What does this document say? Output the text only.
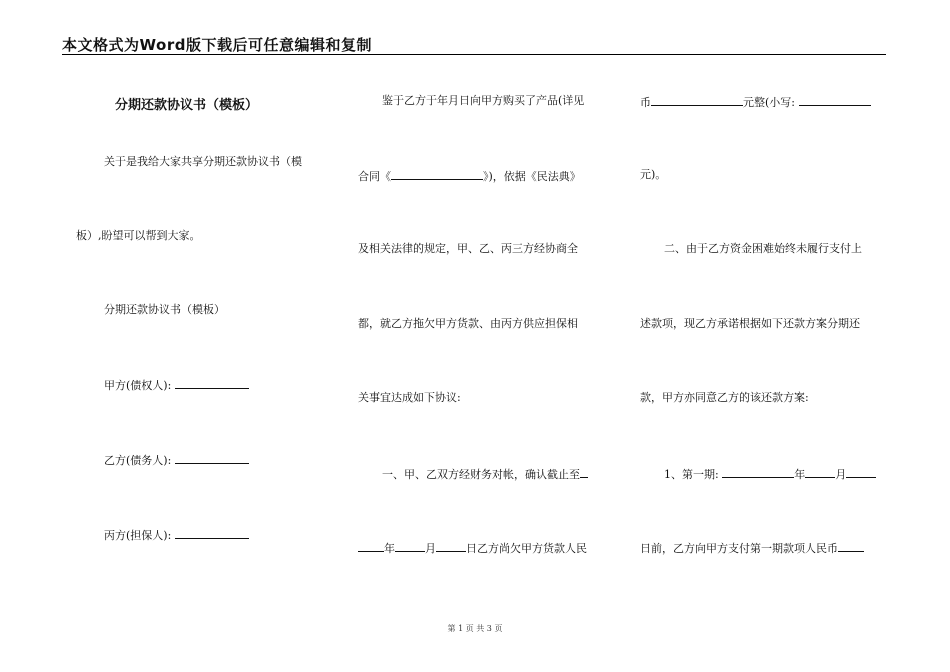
本文格式为Word版下载后可任意编辑和复制
分期还款协议书（模板）
关于是我给大家共享分期还款协议书（模
板）,盼望可以帮到大家。
分期还款协议书（模板）
甲方(债权人):
乙方(债务人):
丙方(担保人):
鉴于乙方于年月日向甲方购买了产品(详见
合同《	》)，依据《民法典》
及相关法律的规定，甲、乙、丙三方经协商全
都，就乙方拖欠甲方货款、由丙方供应担保相
关事宜达成如下协议:
一、甲、乙双方经财务对帐，确认截止至
年	月	日乙方尚欠甲方货款人民
币	元整(小写:
元)。
二、由于乙方资金困难始终未履行支付上
述款项，现乙方承诺根据如下还款方案分期还
款，甲方亦同意乙方的该还款方案:
1、第一期:	年	月
日前，乙方向甲方支付第一期款项人民币
第 1 页 共 3 页
